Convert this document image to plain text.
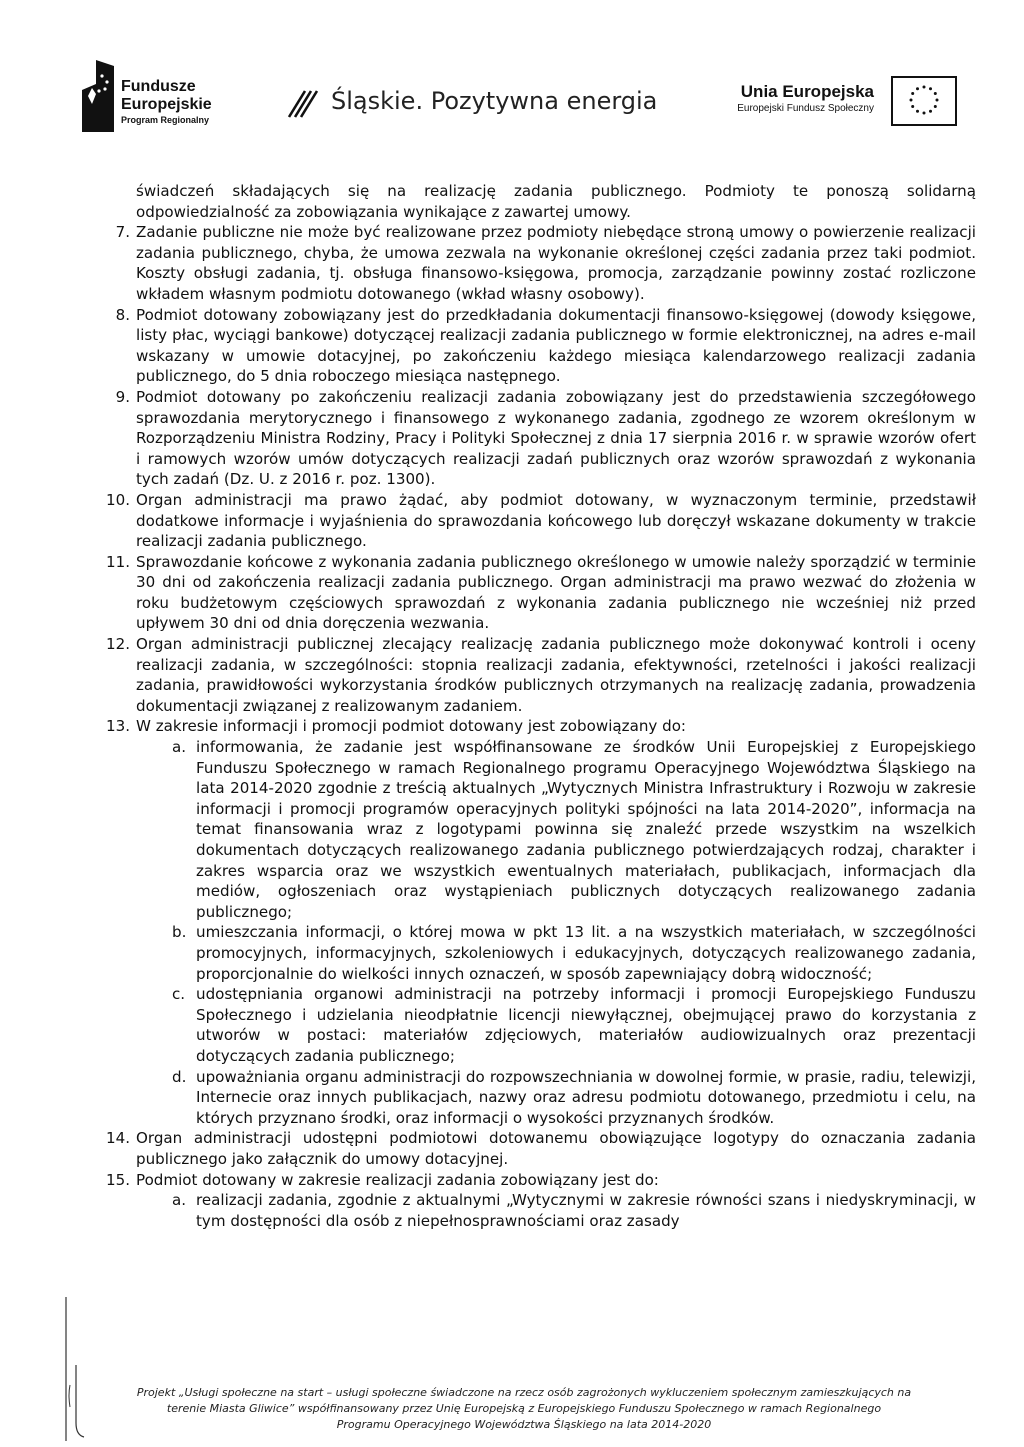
Fundusze
Europejskie
Program Regionalny
Śląskie. Pozytywna energia	Unia Europejska
Europejski Fundusz Społeczny

świadczeń składających się na realizację zadania publicznego. Podmioty te ponoszą solidarną odpowiedzialność za zobowiązania wynikające z zawartej umowy.

7. Zadanie publiczne nie może być realizowane przez podmioty niebędące stroną umowy o powierzenie realizacji zadania publicznego, chyba, że umowa zezwala na wykonanie określonej części zadania przez taki podmiot. Koszty obsługi zadania, tj. obsługa finansowo-księgowa, promocja, zarządzanie powinny zostać rozliczone wkładem własnym podmiotu dotowanego (wkład własny osobowy).
8. Podmiot dotowany zobowiązany jest do przedkładania dokumentacji finansowo-księgowej (dowody księgowe, listy płac, wyciągi bankowe) dotyczącej realizacji zadania publicznego w formie elektronicznej, na adres e-mail wskazany w umowie dotacyjnej, po zakończeniu każdego miesiąca kalendarzowego realizacji zadania publicznego, do 5 dnia roboczego miesiąca następnego.
9. Podmiot dotowany po zakończeniu realizacji zadania zobowiązany jest do przedstawienia szczegółowego sprawozdania merytorycznego i finansowego z wykonanego zadania, zgodnego ze wzorem określonym w Rozporządzeniu Ministra Rodziny, Pracy i Polityki Społecznej z dnia 17 sierpnia 2016 r. w sprawie wzorów ofert i ramowych wzorów umów dotyczących realizacji zadań publicznych oraz wzorów sprawozdań z wykonania tych zadań (Dz. U. z 2016 r. poz. 1300).
10. Organ administracji ma prawo żądać, aby podmiot dotowany, w wyznaczonym terminie, przedstawił dodatkowe informacje i wyjaśnienia do sprawozdania końcowego lub doręczył wskazane dokumenty w trakcie realizacji zadania publicznego.
11. Sprawozdanie końcowe z wykonania zadania publicznego określonego w umowie należy sporządzić w terminie 30 dni od zakończenia realizacji zadania publicznego. Organ administracji ma prawo wezwać do złożenia w roku budżetowym częściowych sprawozdań z wykonania zadania publicznego nie wcześniej niż przed upływem 30 dni od dnia doręczenia wezwania.
12. Organ administracji publicznej zlecający realizację zadania publicznego może dokonywać kontroli i oceny realizacji zadania, w szczególności: stopnia realizacji zadania, efektywności, rzetelności i jakości realizacji zadania, prawidłowości wykorzystania środków publicznych otrzymanych na realizację zadania, prowadzenia dokumentacji związanej z realizowanym zadaniem.
13. W zakresie informacji i promocji podmiot dotowany jest zobowiązany do:
a. informowania, że zadanie jest współfinansowane ze środków Unii Europejskiej z Europejskiego Funduszu Społecznego w ramach Regionalnego programu Operacyjnego Województwa Śląskiego na lata 2014-2020 zgodnie z treścią aktualnych „Wytycznych Ministra Infrastruktury i Rozwoju w zakresie informacji i promocji programów operacyjnych polityki spójności na lata 2014-2020”, informacja na temat finansowania wraz z logotypami powinna się znaleźć przede wszystkim na wszelkich dokumentach dotyczących realizowanego zadania publicznego potwierdzających rodzaj, charakter i zakres wsparcia oraz we wszystkich ewentualnych materiałach, publikacjach, informacjach dla mediów, ogłoszeniach oraz wystąpieniach publicznych dotyczących realizowanego zadania publicznego;
b. umieszczania informacji, o której mowa w pkt 13 lit. a na wszystkich materiałach, w szczególności promocyjnych, informacyjnych, szkoleniowych i edukacyjnych, dotyczących realizowanego zadania, proporcjonalnie do wielkości innych oznaczeń, w sposób zapewniający dobrą widoczność;
c. udostępniania organowi administracji na potrzeby informacji i promocji Europejskiego Funduszu Społecznego i udzielania nieodpłatnie licencji niewyłącznej, obejmującej prawo do korzystania z utworów w postaci: materiałów zdjęciowych, materiałów audiowizualnych oraz prezentacji dotyczących zadania publicznego;
d. upoważniania organu administracji do rozpowszechniania w dowolnej formie, w prasie, radiu, telewizji, Internecie oraz innych publikacjach, nazwy oraz adresu podmiotu dotowanego, przedmiotu i celu, na których przyznano środki, oraz informacji o wysokości przyznanych środków.
14. Organ administracji udostępni podmiotowi dotowanemu obowiązujące logotypy do oznaczania zadania publicznego jako załącznik do umowy dotacyjnej.
15. Podmiot dotowany w zakresie realizacji zadania zobowiązany jest do:
a. realizacji zadania, zgodnie z aktualnymi „Wytycznymi w zakresie równości szans i niedyskryminacji, w tym dostępności dla osób z niepełnosprawnościami oraz zasady
Projekt „Usługi społeczne na start – usługi społeczne świadczone na rzecz osób zagrożonych wykluczeniem społecznym zamieszkujących na
terenie Miasta Gliwice” współfinansowany przez Unię Europejską z Europejskiego Funduszu Społecznego w ramach Regionalnego
Programu Operacyjnego Województwa Śląskiego na lata 2014-2020
